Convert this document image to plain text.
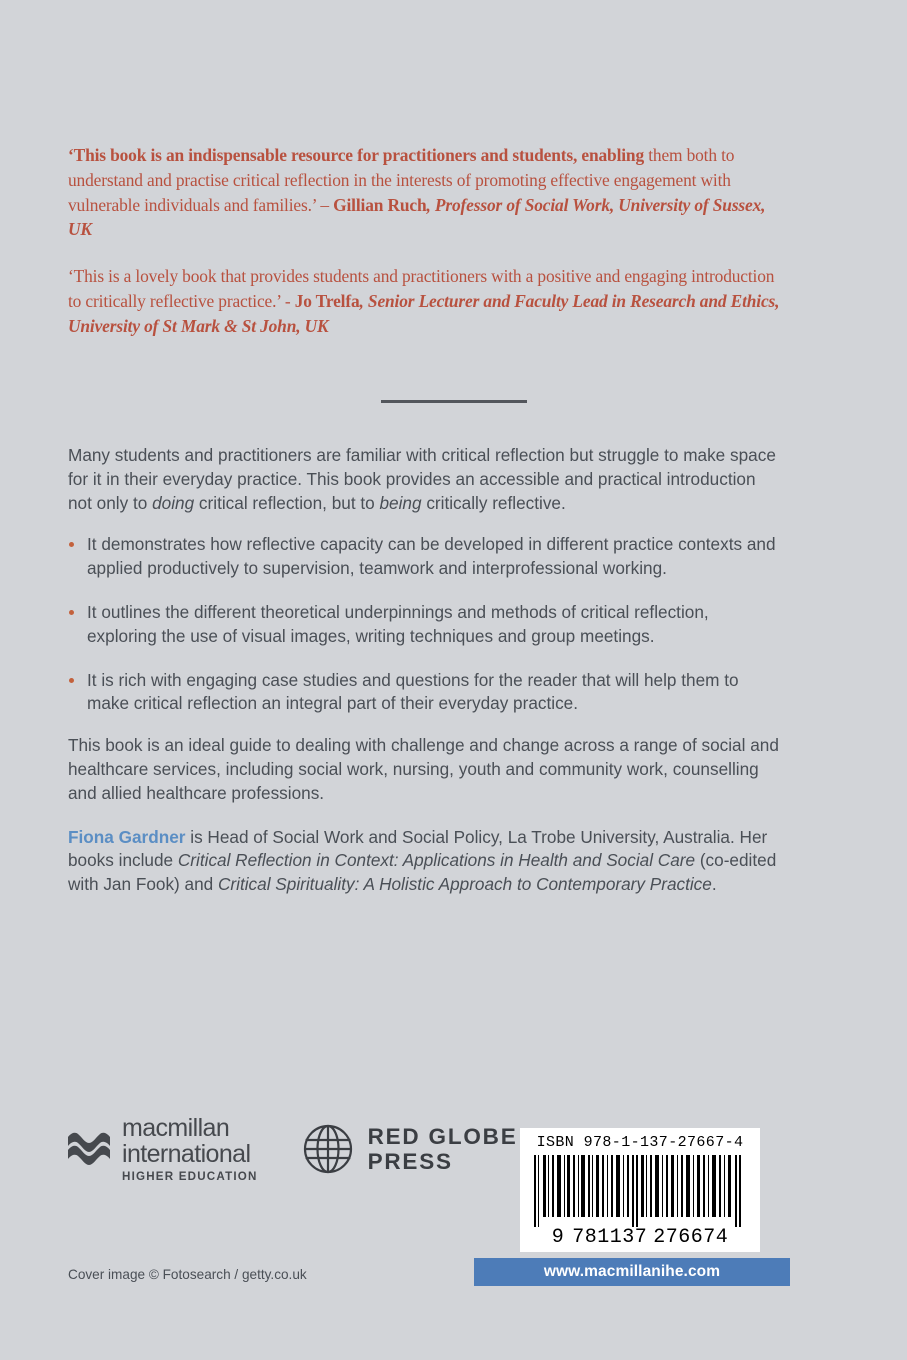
‘This book is an indispensable resource for practitioners and students, enabling them both to understand and practise critical reflection in the interests of promoting effective engagement with vulnerable individuals and families.’ – Gillian Ruch, Professor of Social Work, University of Sussex, UK

‘This is a lovely book that provides students and practitioners with a positive and engaging introduction to critically reflective practice.’ - Jo Trelfa, Senior Lecturer and Faculty Lead in Research and Ethics, University of St Mark & St John, UK

Many students and practitioners are familiar with critical reflection but struggle to make space for it in their everyday practice. This book provides an accessible and practical introduction not only to doing critical reflection, but to being critically reflective.

It demonstrates how reflective capacity can be developed in different practice contexts and applied productively to supervision, teamwork and interprofessional working.
It outlines the different theoretical underpinnings and methods of critical reflection, exploring the use of visual images, writing techniques and group meetings.
It is rich with engaging case studies and questions for the reader that will help them to make critical reflection an integral part of their everyday practice.

This book is an ideal guide to dealing with challenge and change across a range of social and healthcare services, including social work, nursing, youth and community work, counselling and allied healthcare professions.

Fiona Gardner is Head of Social Work and Social Policy, La Trobe University, Australia. Her books include Critical Reflection in Context: Applications in Health and Social Care (co-edited with Jan Fook) and Critical Spirituality: A Holistic Approach to Contemporary Practice.

macmillan
international
HIGHER EDUCATION
RED GLOBE
PRESS
ISBN 978-1-137-27667-4
9 781137 276674
www.macmillanihe.com
Cover image © Fotosearch / getty.co.uk
